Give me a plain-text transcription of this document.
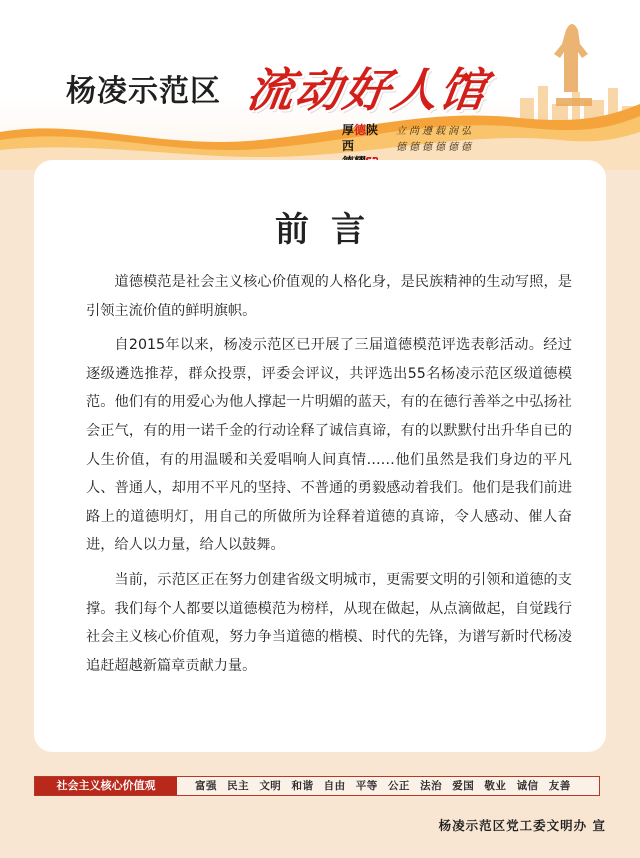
杨凌示范区 流动好人馆
厚德陕西
立尚遵载润弘
德德德德德德
前言

道德模范是社会主义核心价值观的人格化身，是民族精神的生动写照，是引领主流价值的鲜明旗帜。

自2015年以来，杨凌示范区已开展了三届道德模范评选表彰活动。经过逐级遴选推荐，群众投票，评委会评议，共评选出55名杨凌示范区级道德模范。他们有的用爱心为他人撑起一片明媚的蓝天，有的在德行善举之中弘扬社会正气，有的用一诺千金的行动诠释了诚信真谛，有的以默默付出升华自已的人生价值，有的用温暖和关爱唱响人间真情……他们虽然是我们身边的平凡人、普通人，却用不平凡的坚持、不普通的勇毅感动着我们。他们是我们前进路上的道德明灯，用自己的所做所为诠释着道德的真谛，令人感动、催人奋进，给人以力量，给人以鼓舞。

当前，示范区正在努力创建省级文明城市，更需要文明的引领和道德的支撑。我们每个人都要以道德模范为榜样，从现在做起，从点滴做起，自觉践行社会主义核心价值观，努力争当道德的楷模、时代的先锋，为谱写新时代杨凌追赶超越新篇章贡献力量。

社会主义核心价值观	富强 民主 文明 和谐 自由 平等 公正 法治 爱国 敬业 诚信 友善
杨凌示范区党工委文明办 宣
